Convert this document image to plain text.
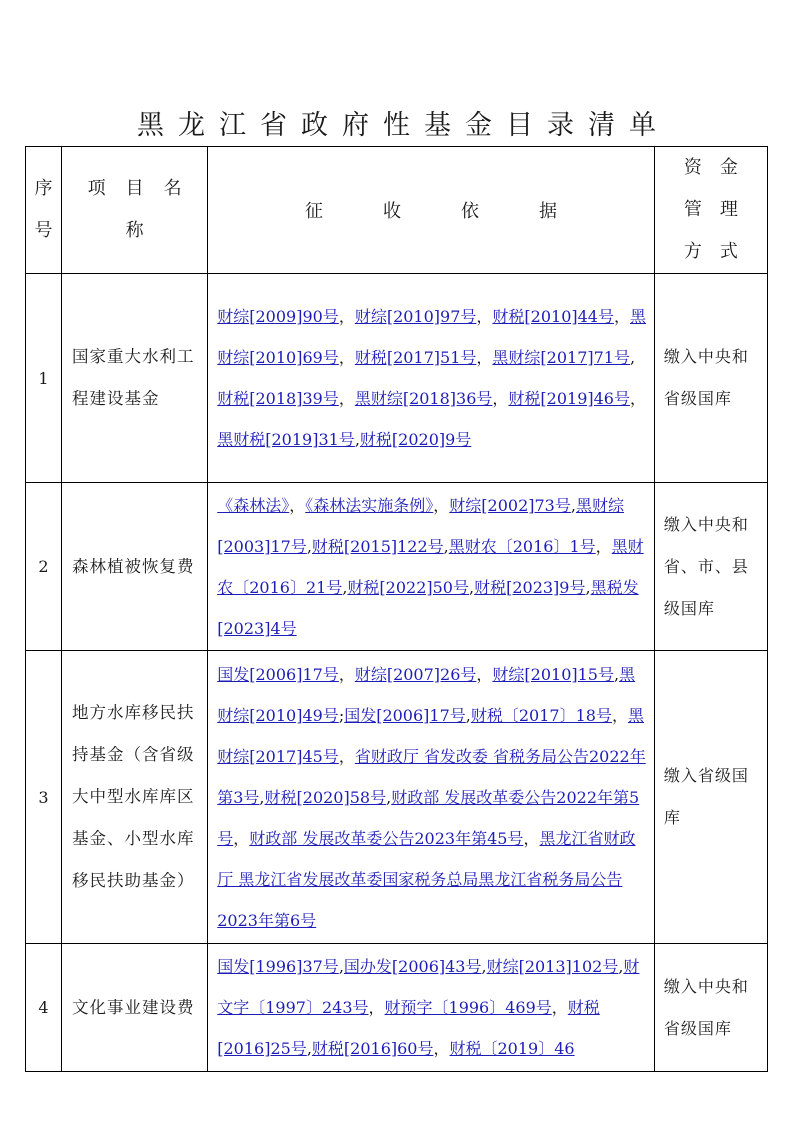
黑龙江省政府性基金目录清单
序号	项目名称	征收依据	资金管理方式
1	国家重大水利工程建设基金	财综[2009]90号，财综[2010]97号，财税[2010]44号，黑财综[2010]69号，财税[2017]51号，黑财综[2017]71号,财税[2018]39号，黑财综[2018]36号，财税[2019]46号，黑财税[2019]31号,财税[2020]9号	缴入中央和省级国库
2	森林植被恢复费	《森林法》，《森林法实施条例》，财综[2002]73号,黑财综[2003]17号,财税[2015]122号,黑财农〔2016〕1号，黑财农〔2016〕21号,财税[2022]50号,财税[2023]9号,黑税发[2023]4号	缴入中央和省、市、县级国库
3	地方水库移民扶持基金（含省级大中型水库库区基金、小型水库移民扶助基金）	国发[2006]17号，财综[2007]26号，财综[2010]15号,黑财综[2010]49号;国发[2006]17号,财税〔2017〕18号，黑财综[2017]45号，省财政厅 省发改委 省税务局公告2022年第3号,财税[2020]58号,财政部 发展改革委公告2022年第5号，财政部 发展改革委公告2023年第45号，黑龙江省财政厅 黑龙江省发展改革委国家税务总局黑龙江省税务局公告2023年第6号	缴入省级国库
4	文化事业建设费	国发[1996]37号,国办发[2006]43号,财综[2013]102号,财文字〔1997〕243号，财预字〔1996〕469号，财税[2016]25号,财税[2016]60号，财税〔2019〕46	缴入中央和省级国库
